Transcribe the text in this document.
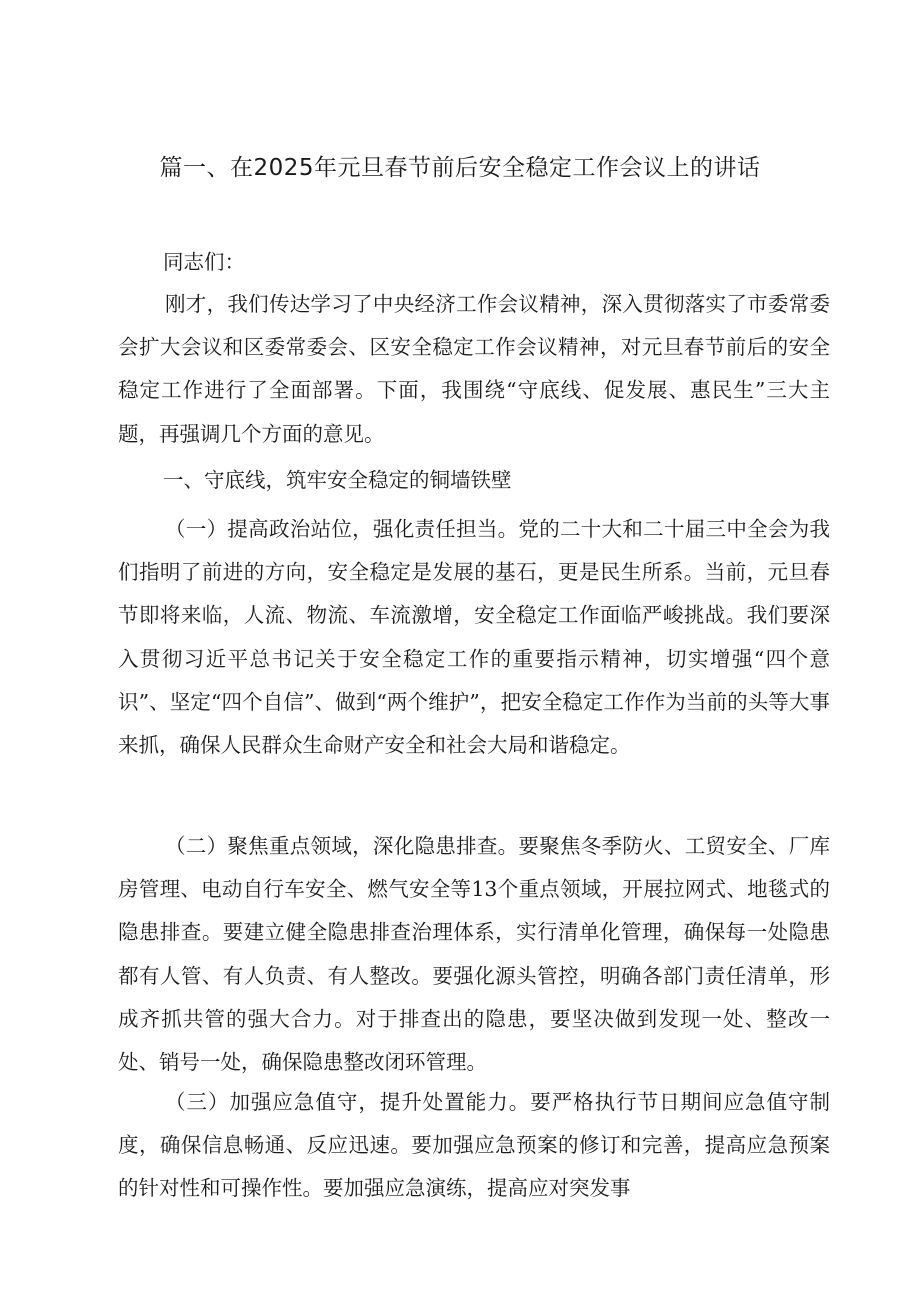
篇一、在2025年元旦春节前后安全稳定工作会议上的讲话
同志们：

刚才，我们传达学习了中央经济工作会议精神，深入贯彻落实了市委常委会扩大会议和区委常委会、区安全稳定工作会议精神，对元旦春节前后的安全稳定工作进行了全面部署。下面，我围绕“守底线、促发展、惠民生”三大主题，再强调几个方面的意见。

一、守底线，筑牢安全稳定的铜墙铁壁

（一）提高政治站位，强化责任担当。党的二十大和二十届三中全会为我们指明了前进的方向，安全稳定是发展的基石，更是民生所系。当前，元旦春节即将来临，人流、物流、车流激增，安全稳定工作面临严峻挑战。我们要深入贯彻习近平总书记关于安全稳定工作的重要指示精神，切实增强“四个意识”、坚定“四个自信”、做到“两个维护”，把安全稳定工作作为当前的头等大事来抓，确保人民群众生命财产安全和社会大局和谐稳定。

（二）聚焦重点领域，深化隐患排查。要聚焦冬季防火、工贸安全、厂库房管理、电动自行车安全、燃气安全等13个重点领域，开展拉网式、地毯式的隐患排查。要建立健全隐患排查治理体系，实行清单化管理，确保每一处隐患都有人管、有人负责、有人整改。要强化源头管控，明确各部门责任清单，形成齐抓共管的强大合力。对于排查出的隐患，要坚决做到发现一处、整改一处、销号一处，确保隐患整改闭环管理。

（三）加强应急值守，提升处置能力。要严格执行节日期间应急值守制度，确保信息畅通、反应迅速。要加强应急预案的修订和完善，提高应急预案的针对性和可操作性。要加强应急演练，提高应对突发事
